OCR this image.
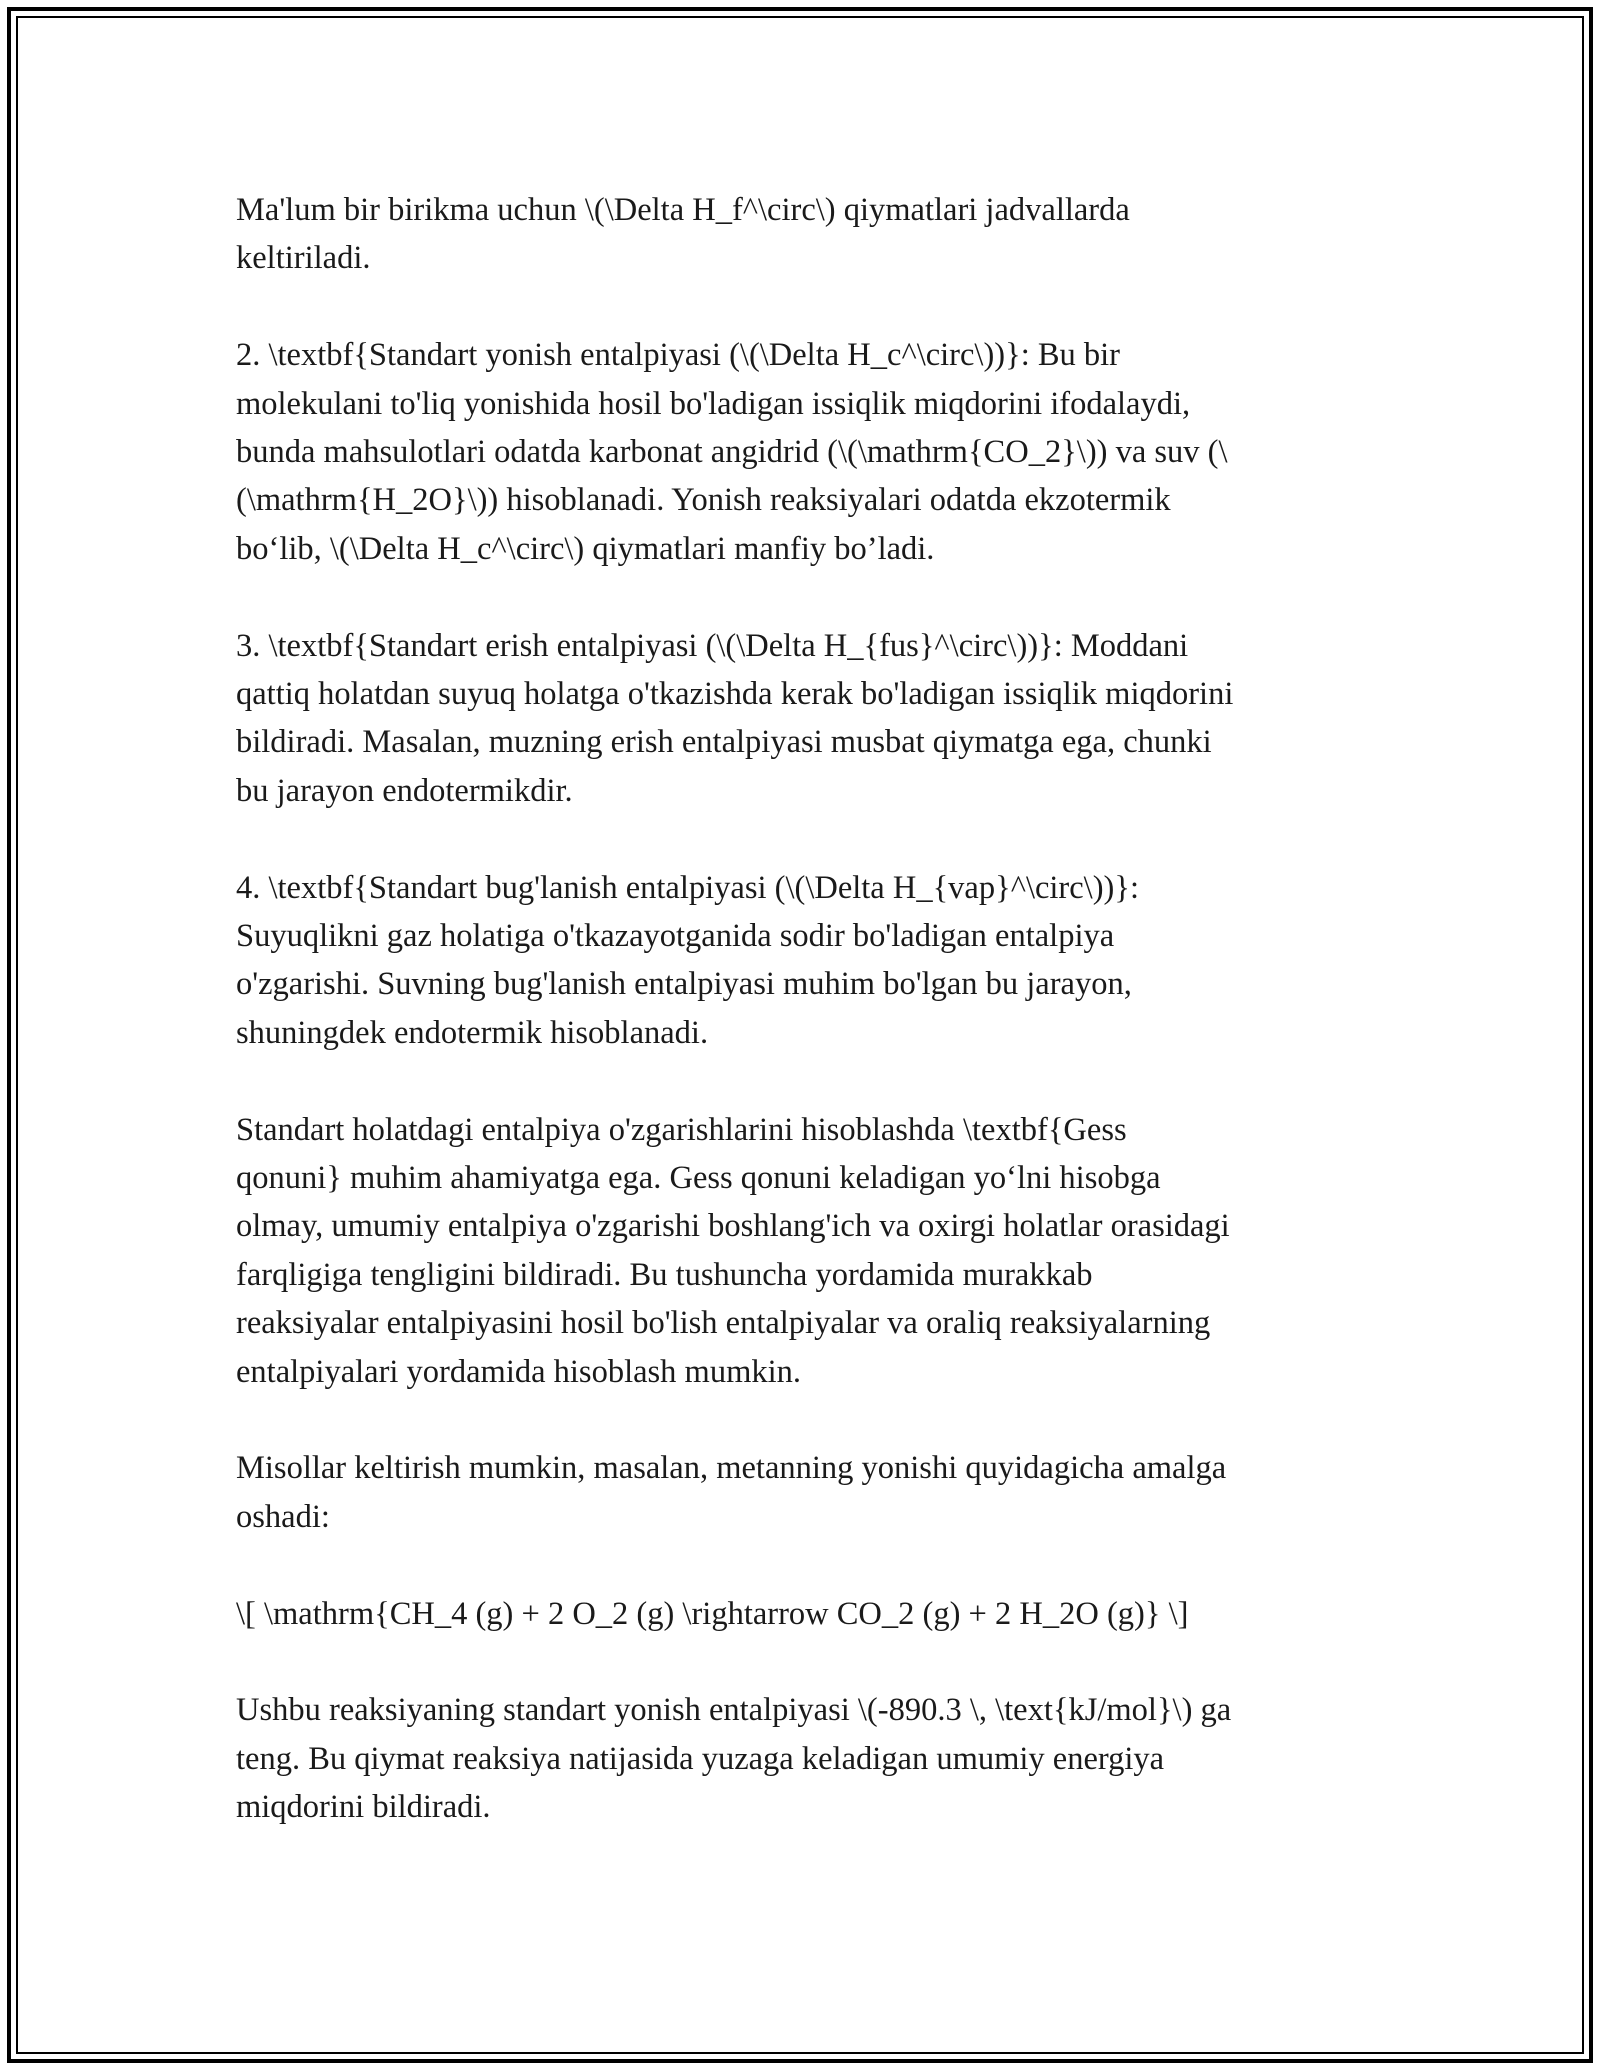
Ma'lum bir birikma uchun \(\Delta H_f^\circ\) qiymatlari jadvallarda
keltiriladi.

2. \textbf{Standart yonish entalpiyasi (\(\Delta H_c^\circ\))}: Bu bir
molekulani to'liq yonishida hosil bo'ladigan issiqlik miqdorini ifodalaydi,
bunda mahsulotlari odatda karbonat angidrid (\(\mathrm{CO_2}\)) va suv (\
(\mathrm{H_2O}\)) hisoblanadi. Yonish reaksiyalari odatda ekzotermik
bo‘lib, \(\Delta H_c^\circ\) qiymatlari manfiy bo’ladi.

3. \textbf{Standart erish entalpiyasi (\(\Delta H_{fus}^\circ\))}: Moddani
qattiq holatdan suyuq holatga o'tkazishda kerak bo'ladigan issiqlik miqdorini
bildiradi. Masalan, muzning erish entalpiyasi musbat qiymatga ega, chunki
bu jarayon endotermikdir.

4. \textbf{Standart bug'lanish entalpiyasi (\(\Delta H_{vap}^\circ\))}:
Suyuqlikni gaz holatiga o'tkazayotganida sodir bo'ladigan entalpiya
o'zgarishi. Suvning bug'lanish entalpiyasi muhim bo'lgan bu jarayon,
shuningdek endotermik hisoblanadi.

Standart holatdagi entalpiya o'zgarishlarini hisoblashda \textbf{Gess
qonuni} muhim ahamiyatga ega. Gess qonuni keladigan yo‘lni hisobga
olmay, umumiy entalpiya o'zgarishi boshlang'ich va oxirgi holatlar orasidagi
farqligiga tengligini bildiradi. Bu tushuncha yordamida murakkab
reaksiyalar entalpiyasini hosil bo'lish entalpiyalar va oraliq reaksiyalarning
entalpiyalari yordamida hisoblash mumkin.

Misollar keltirish mumkin, masalan, metanning yonishi quyidagicha amalga
oshadi:

\[ \mathrm{CH_4 (g) + 2 O_2 (g) \rightarrow CO_2 (g) + 2 H_2O (g)} \]

Ushbu reaksiyaning standart yonish entalpiyasi \(-890.3 \, \text{kJ/mol}\) ga
teng. Bu qiymat reaksiya natijasida yuzaga keladigan umumiy energiya
miqdorini bildiradi.
